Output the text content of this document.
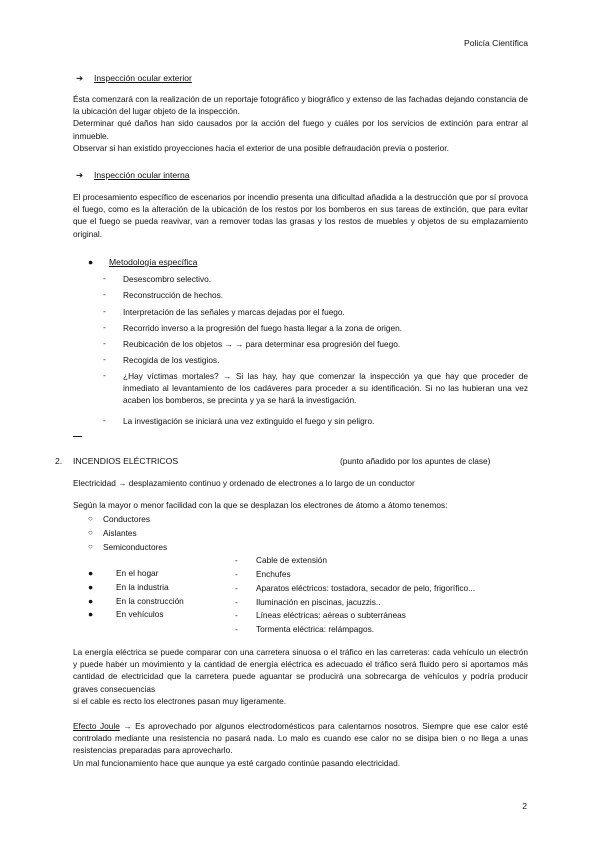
Policía Científica
➔ Inspección ocular exterior

Ésta comenzará con la realización de un reportaje fotográfico y biográfico y extenso de las fachadas dejando constancia de la ubicación del lugar objeto de la inspección.

Determinar qué daños han sido causados por la acción del fuego y cuáles por los servicios de extinción para entrar al inmueble.

Observar si han existido proyecciones hacia el exterior de una posible defraudación previa o posterior.

➔ Inspección ocular interna
El procesamiento específico de escenarios por incendio presenta una dificultad añadida a la destrucción que por sí provoca el fuego, como es la alteración de la ubicación de los restos por los bomberos en sus tareas de extinción, que para evitar que el fuego se pueda reavivar, van a remover todas las grasas y los restos de muebles y objetos de su emplazamiento original.
● Metodología específica
- Desescombro selectivo.
- Reconstrucción de hechos.
- Interpretación de las señales y marcas dejadas por el fuego.
- Recorrido inverso a la progresión del fuego hasta llegar a la zona de origen.
- Reubicación de los objetos → → para determinar esa progresión del fuego.
- Recogida de los vestigios.
- ¿Hay víctimas mortales? → Si las hay, hay que comenzar la inspección ya que hay que proceder de inmediato al levantamiento de los cadáveres para proceder a su identificación. Si no las hubieran una vez acaben los bomberos, se precinta y ya se hará la investigación.
- La investigación se iniciará una vez extinguido el fuego y sin peligro.
2. INCENDIOS ELÉCTRICOS	(punto añadido por los apuntes de clase)
Electricidad → desplazamiento continuo y ordenado de electrones a lo largo de un conductor
Según la mayor o menor facilidad con la que se desplazan los electrones de átomo a átomo tenemos:
○ Conductores
○ Aislantes
○ Semiconductores
●	En el hogar
●	En la industria
●	En la construcción
●	En vehículos
- Cable de extensión
- Enchufes
- Aparatos eléctricos: tostadora, secador de pelo, frigorífico...
- Iluminación en piscinas, jacuzzis..
- Líneas eléctricas: aéreas o subterráneas
- Tormenta eléctrica: relámpagos.

La energía eléctrica se puede comparar con una carretera sinuosa o el tráfico en las carreteras: cada vehículo un electrón y puede haber un movimiento y la cantidad de energía eléctrica es adecuado el tráfico será fluido pero si aportamos más cantidad de electricidad que la carretera puede aguantar se producirá una sobrecarga de vehículos y podría producir graves consecuencias

si el cable es recto los electrones pasan muy ligeramente.

Efecto Joule → Es aprovechado por algunos electrodomésticos para calentarnos nosotros. Siempre que ese calor esté controlado mediante una resistencia no pasará nada. Lo malo es cuando ese calor no se disipa bien o no llega a unas resistencias preparadas para aprovecharlo.

Un mal funcionamiento hace que aunque ya esté cargado continúe pasando electricidad.

2
